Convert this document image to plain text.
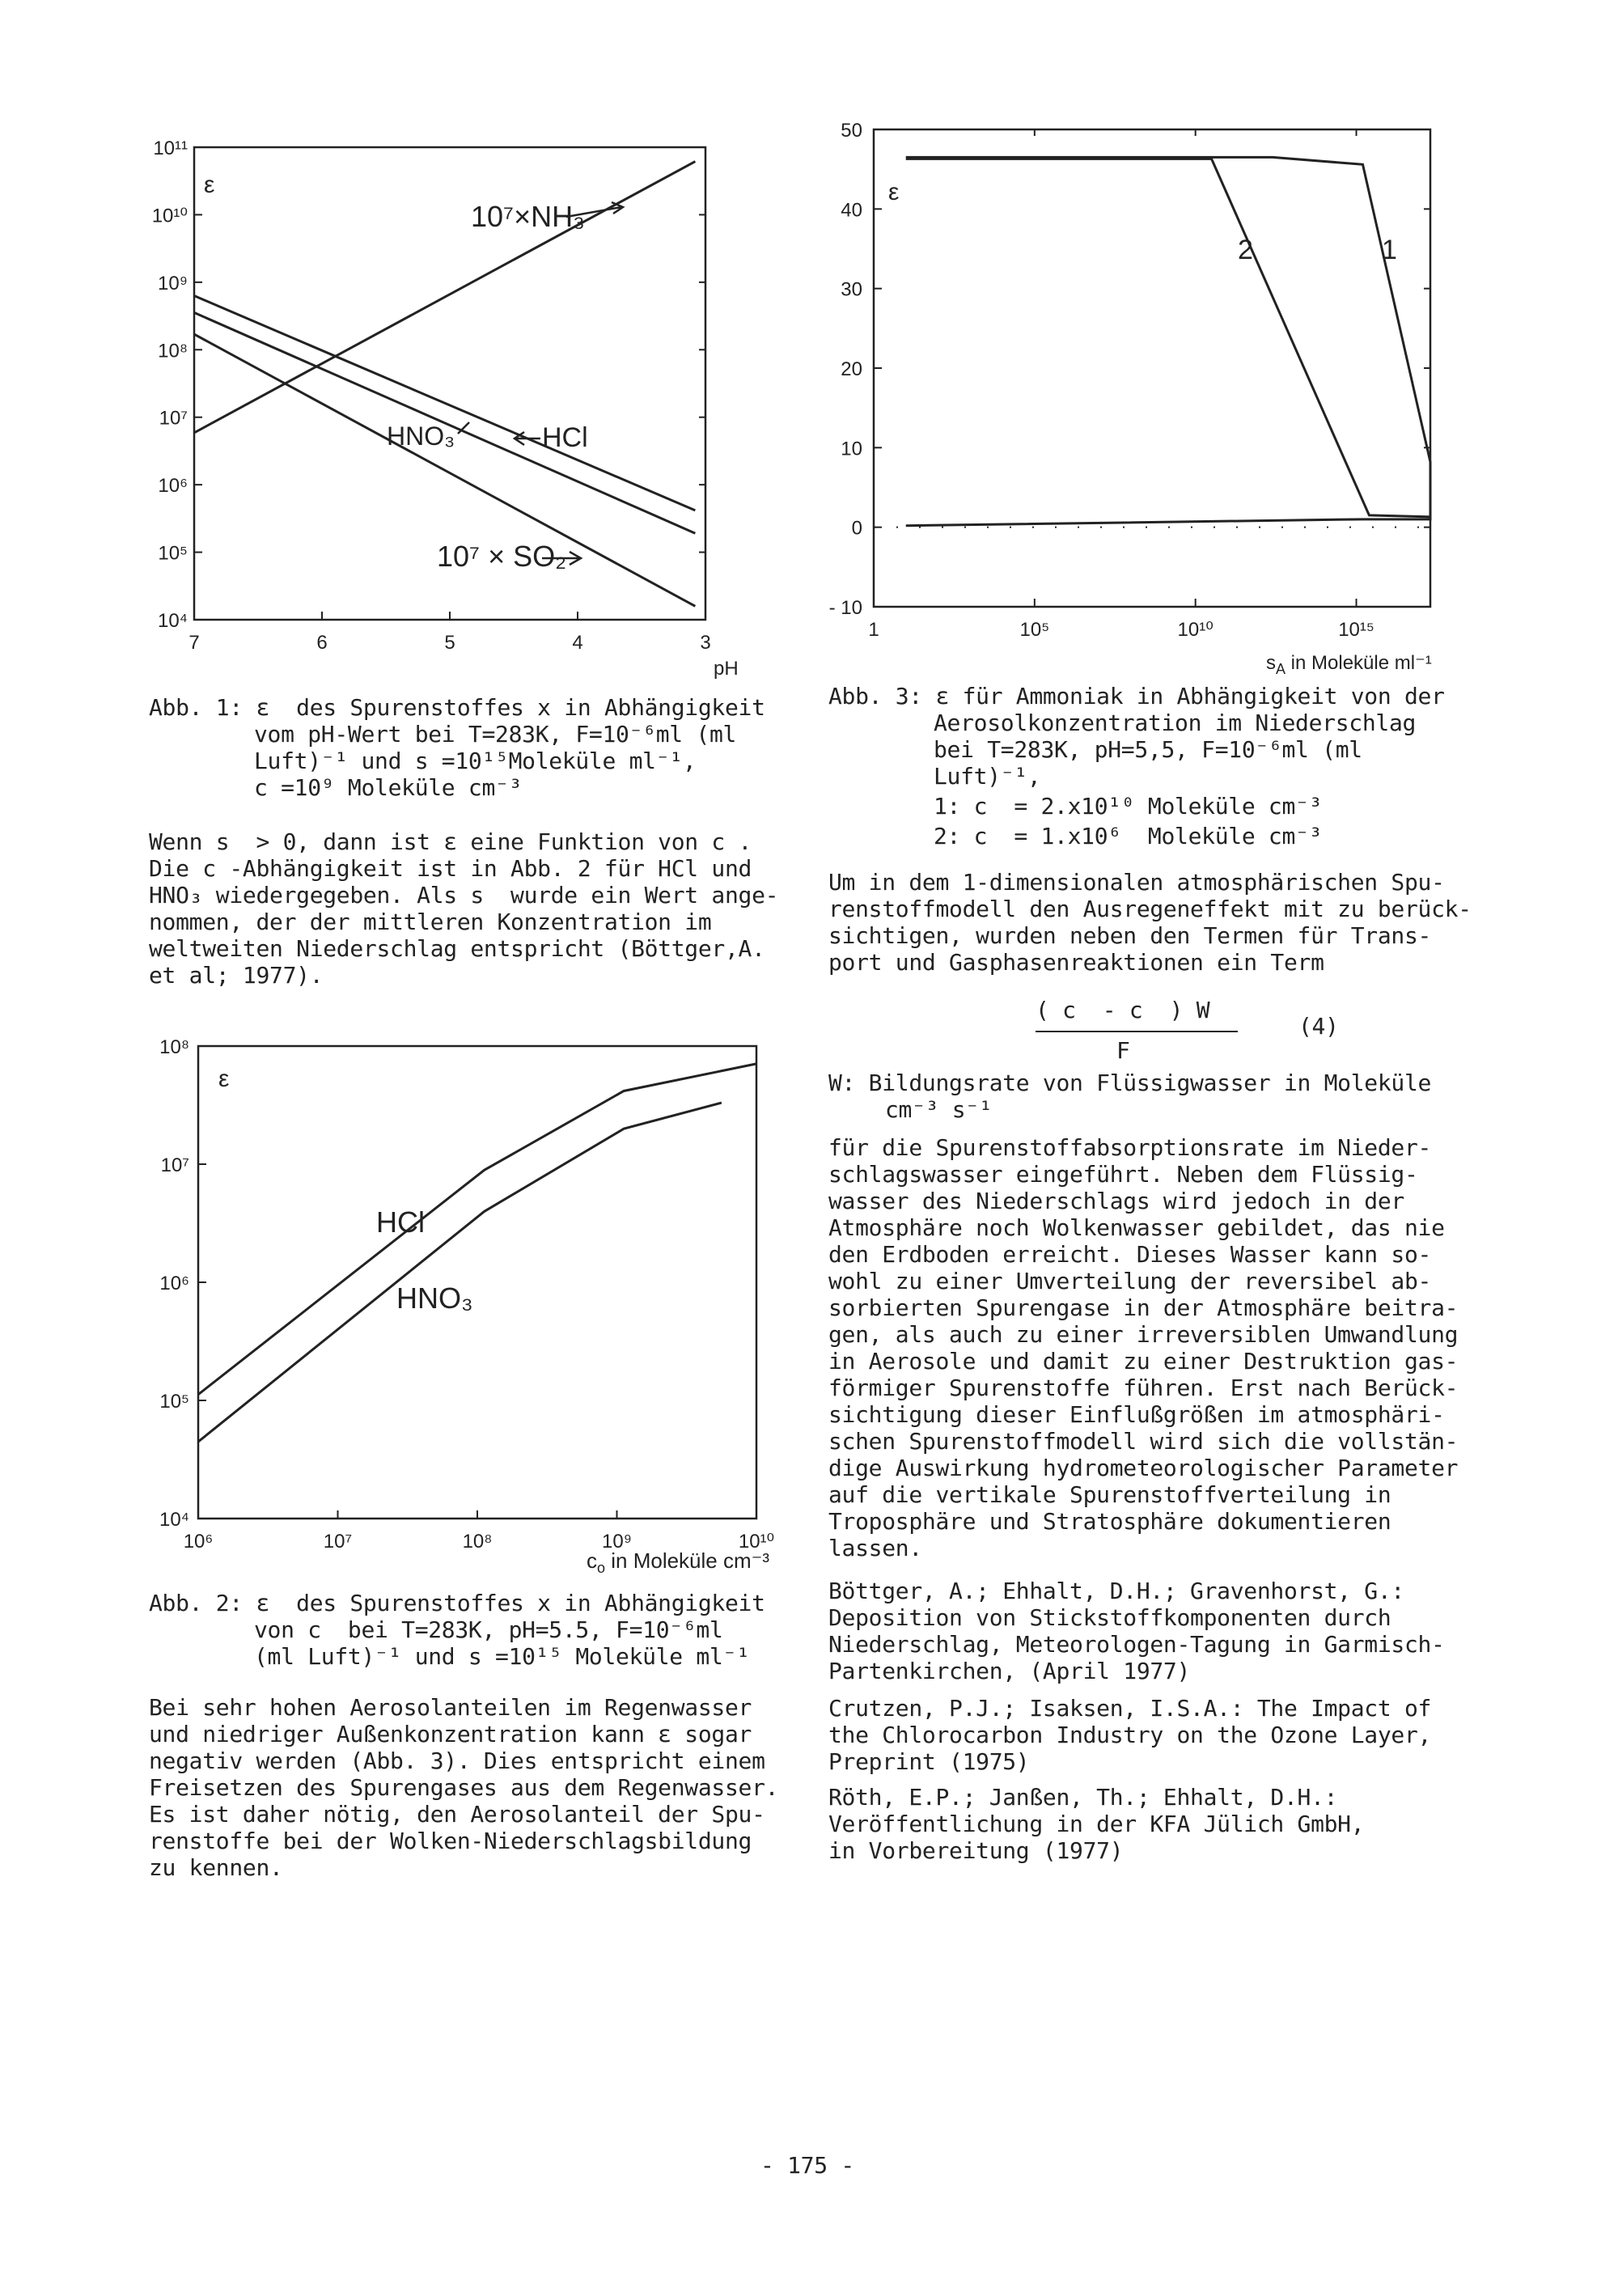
10¹¹
10¹⁰
10⁹
10⁸
10⁷
10⁶
10⁵
10⁴
7	6	5	4	3
ε
pH
10⁷×NH₃
HCl
HNO₃
10⁷ × SO₂

Abb. 1: ε  des Spurenstoffes x in Abhängigkeit

vom pH-Wert bei T=283K, F=10⁻⁶ml (ml

Luft)⁻¹ und s =10¹⁵Moleküle ml⁻¹,

c =10⁹ Moleküle cm⁻³

Wenn s  > 0, dann ist ε eine Funktion von c .

Die c -Abhängigkeit ist in Abb. 2 für HCl und

HNO₃ wiedergegeben. Als s  wurde ein Wert ange-

nommen, der der mittleren Konzentration im

weltweiten Niederschlag entspricht (Böttger,A.

et al; 1977).

10⁸
10⁷
10⁶
10⁵
10⁴
10⁶	10⁷	10⁸	10⁹	10¹⁰
ε
$c_o$ in Moleküle cm⁻³
HCl
HNO₃

Abb. 2: ε  des Spurenstoffes x in Abhängigkeit

von c  bei T=283K, pH=5.5, F=10⁻⁶ml

(ml Luft)⁻¹ und s =10¹⁵ Moleküle ml⁻¹

Bei sehr hohen Aerosolanteilen im Regenwasser

und niedriger Außenkonzentration kann ε sogar

negativ werden (Abb. 3). Dies entspricht einem

Freisetzen des Spurengases aus dem Regenwasser.

Es ist daher nötig, den Aerosolanteil der Spu-

renstoffe bei der Wolken-Niederschlagsbildung

zu kennen.

50
40
30
20
10
0
- 10
1	10⁵	10¹⁰	10¹⁵
ε
$s_A$ in Moleküle ml⁻¹
2	1

Abb. 3: ε für Ammoniak in Abhängigkeit von der

Aerosolkonzentration im Niederschlag

bei T=283K, pH=5,5, F=10⁻⁶ml (ml

Luft)⁻¹,

1: c  = 2.x10¹⁰ Moleküle cm⁻³

2: c  = 1.x10⁶  Moleküle cm⁻³

Um in dem 1-dimensionalen atmosphärischen Spu-

renstoffmodell den Ausregeneffekt mit zu berück-

sichtigen, wurden neben den Termen für Trans-

port und Gasphasenreaktionen ein Term

( c  - c  ) W
F
(4)

W: Bildungsrate von Flüssigwasser in Moleküle

cm⁻³ s⁻¹

für die Spurenstoffabsorptionsrate im Nieder-

schlagswasser eingeführt. Neben dem Flüssig-

wasser des Niederschlags wird jedoch in der

Atmosphäre noch Wolkenwasser gebildet, das nie

den Erdboden erreicht. Dieses Wasser kann so-

wohl zu einer Umverteilung der reversibel ab-

sorbierten Spurengase in der Atmosphäre beitra-

gen, als auch zu einer irreversiblen Umwandlung

in Aerosole und damit zu einer Destruktion gas-

förmiger Spurenstoffe führen. Erst nach Berück-

sichtigung dieser Einflußgrößen im atmosphäri-

schen Spurenstoffmodell wird sich die vollstän-

dige Auswirkung hydrometeorologischer Parameter

auf die vertikale Spurenstoffverteilung in

Troposphäre und Stratosphäre dokumentieren

lassen.

Böttger, A.; Ehhalt, D.H.; Gravenhorst, G.:

Deposition von Stickstoffkomponenten durch

Niederschlag, Meteorologen-Tagung in Garmisch-

Partenkirchen, (April 1977)

Crutzen, P.J.; Isaksen, I.S.A.: The Impact of

the Chlorocarbon Industry on the Ozone Layer,

Preprint (1975)

Röth, E.P.; Janßen, Th.; Ehhalt, D.H.:

Veröffentlichung in der KFA Jülich GmbH,

in Vorbereitung (1977)

- 175 -
